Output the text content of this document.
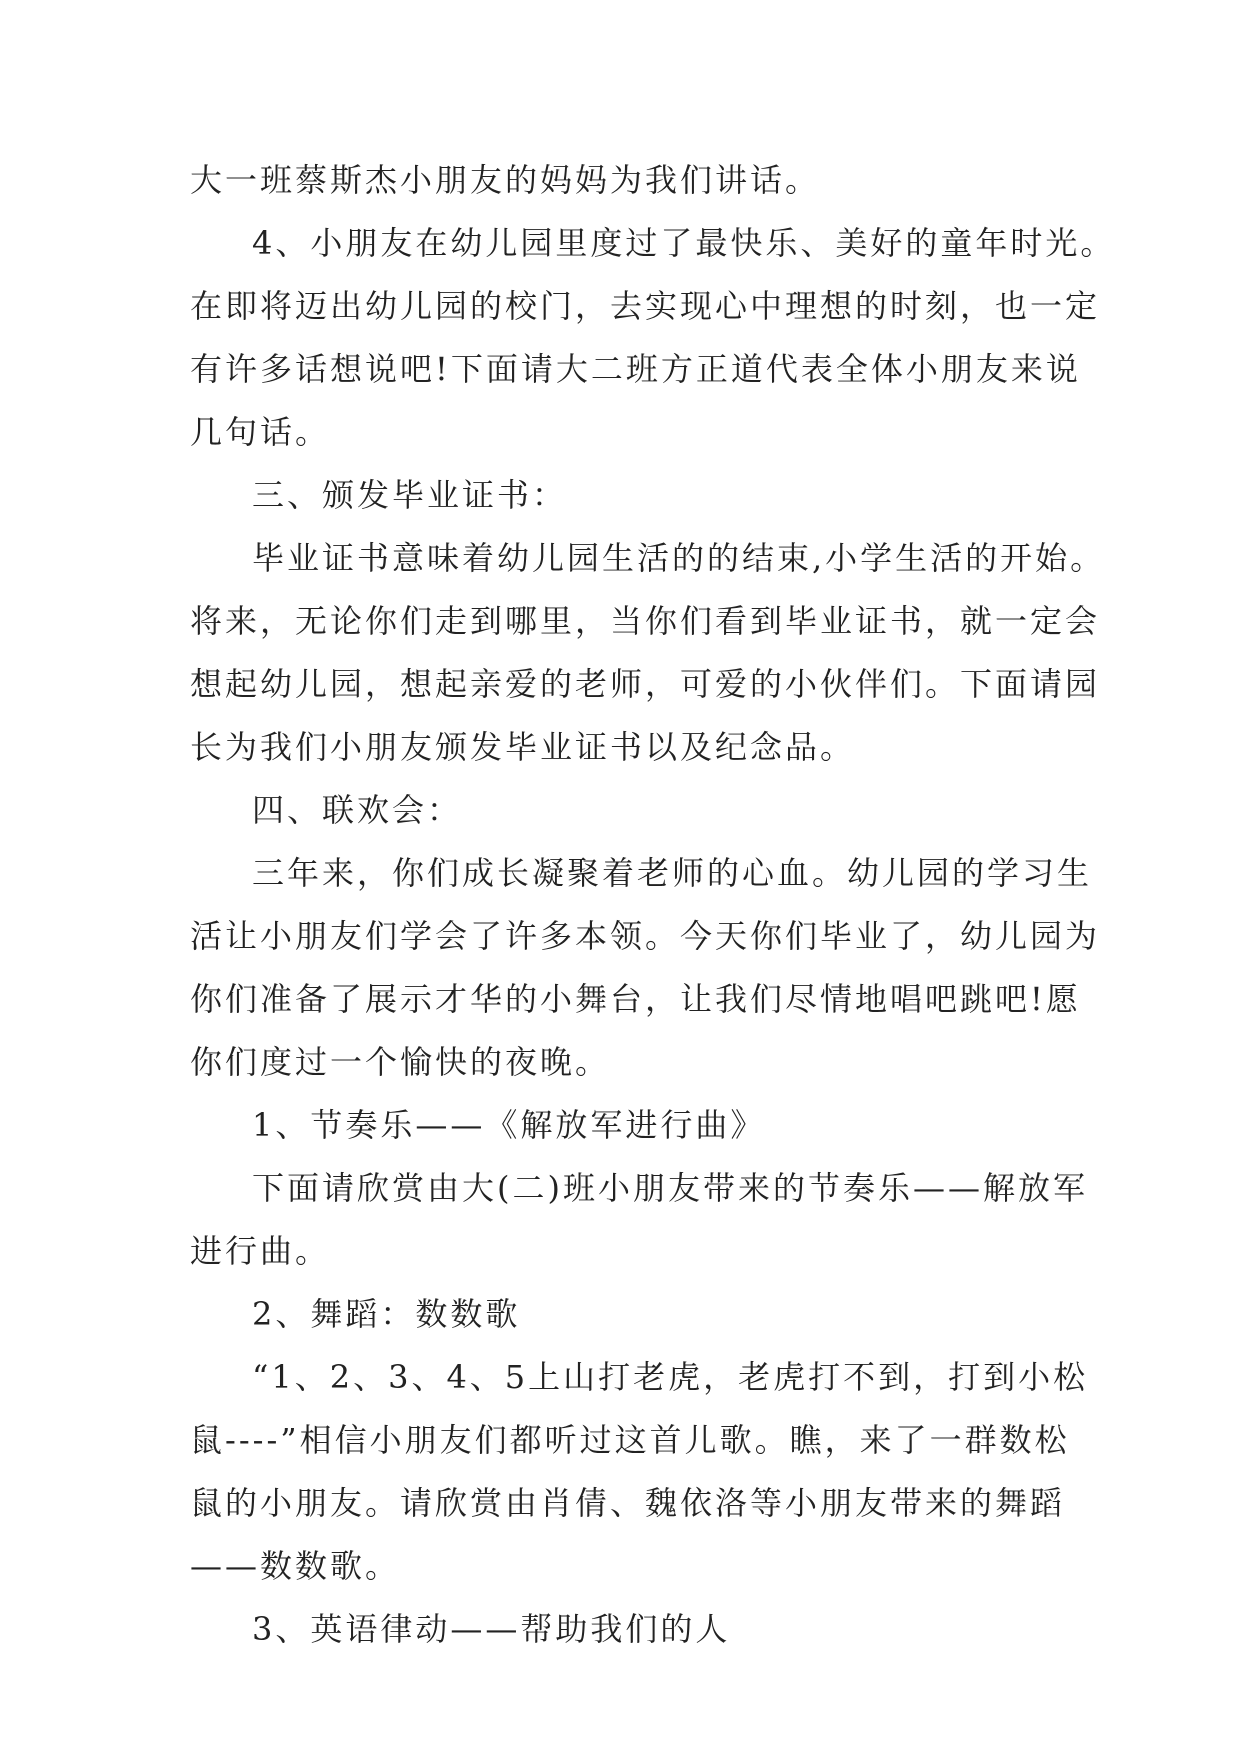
大一班蔡斯杰小朋友的妈妈为我们讲话。
4、小朋友在幼儿园里度过了最快乐、美好的童年时光。
在即将迈出幼儿园的校门，去实现心中理想的时刻，也一定
有许多话想说吧!下面请大二班方正道代表全体小朋友来说
几句话。
三、颁发毕业证书：
毕业证书意味着幼儿园生活的的结束,小学生活的开始。
将来，无论你们走到哪里，当你们看到毕业证书，就一定会
想起幼儿园，想起亲爱的老师，可爱的小伙伴们。下面请园
长为我们小朋友颁发毕业证书以及纪念品。
四、联欢会：
三年来，你们成长凝聚着老师的心血。幼儿园的学习生
活让小朋友们学会了许多本领。今天你们毕业了，幼儿园为
你们准备了展示才华的小舞台，让我们尽情地唱吧跳吧!愿
你们度过一个愉快的夜晚。
1、节奏乐——《解放军进行曲》
下面请欣赏由大(二)班小朋友带来的节奏乐——解放军
进行曲。
2、舞蹈：数数歌
“1、2、3、4、5上山打老虎，老虎打不到，打到小松
鼠----”相信小朋友们都听过这首儿歌。瞧，来了一群数松
鼠的小朋友。请欣赏由肖倩、魏依洛等小朋友带来的舞蹈
——数数歌。
3、英语律动——帮助我们的人
